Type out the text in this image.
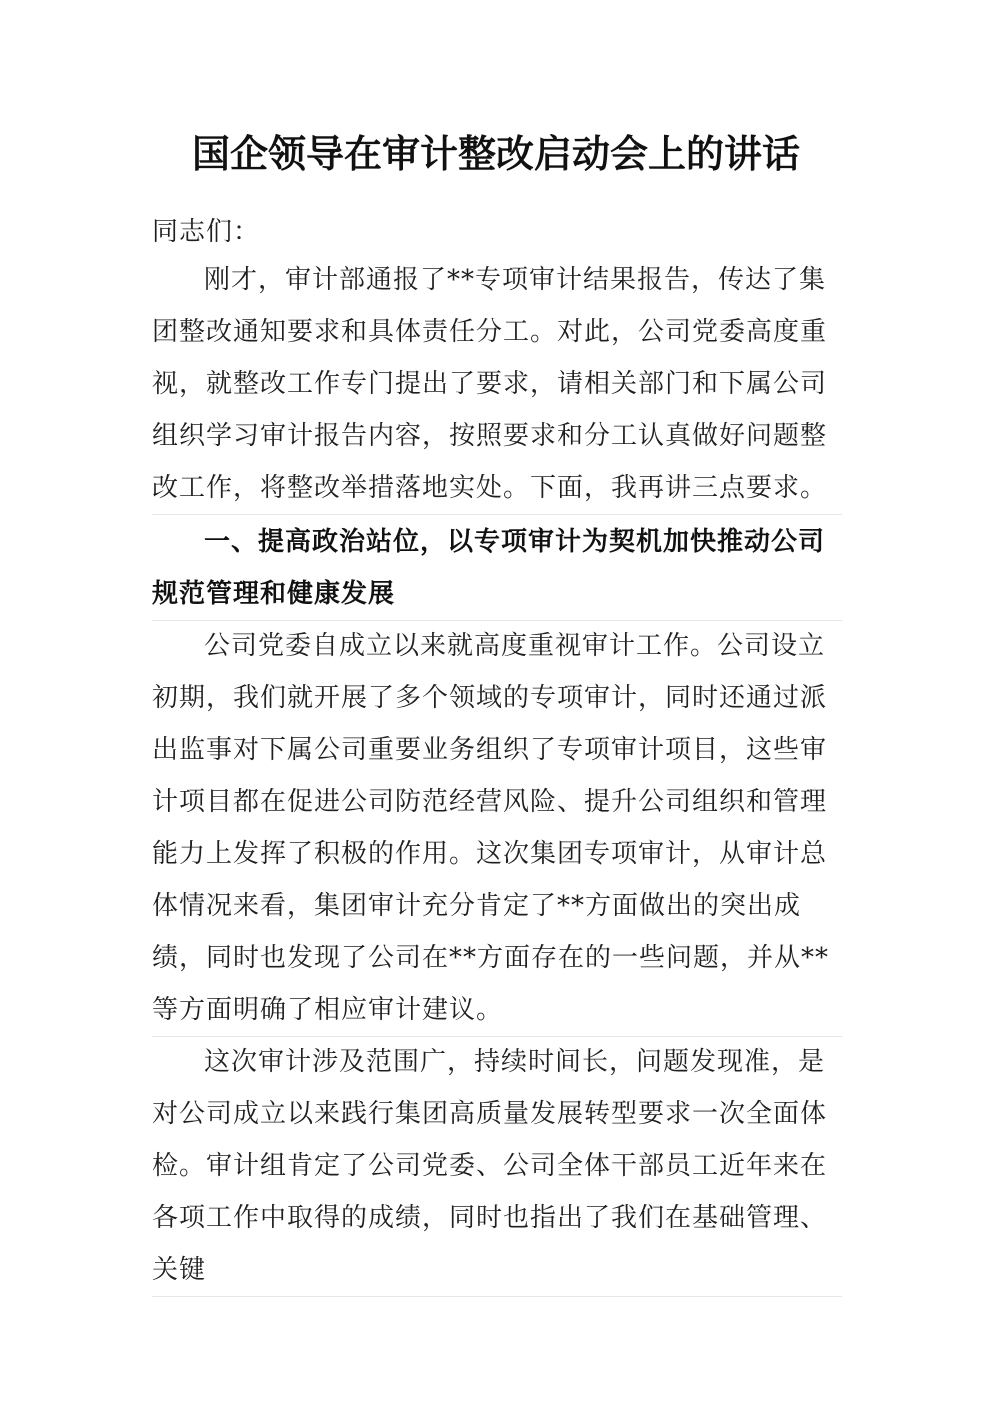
国企领导在审计整改启动会上的讲话
同志们：

刚才，审计部通报了**专项审计结果报告，传达了集团整改通知要求和具体责任分工。对此，公司党委高度重视，就整改工作专门提出了要求，请相关部门和下属公司组织学习审计报告内容，按照要求和分工认真做好问题整改工作，将整改举措落地实处。下面，我再讲三点要求。

一、提高政治站位，以专项审计为契机加快推动公司规范管理和健康发展

公司党委自成立以来就高度重视审计工作。公司设立初期，我们就开展了多个领域的专项审计，同时还通过派出监事对下属公司重要业务组织了专项审计项目，这些审计项目都在促进公司防范经营风险、提升公司组织和管理能力上发挥了积极的作用。这次集团专项审计，从审计总体情况来看，集团审计充分肯定了**方面做出的突出成绩，同时也发现了公司在**方面存在的一些问题，并从**等方面明确了相应审计建议。

这次审计涉及范围广，持续时间长，问题发现准，是对公司成立以来践行集团高质量发展转型要求一次全面体检。审计组肯定了公司党委、公司全体干部员工近年来在各项工作中取得的成绩，同时也指出了我们在基础管理、关键
